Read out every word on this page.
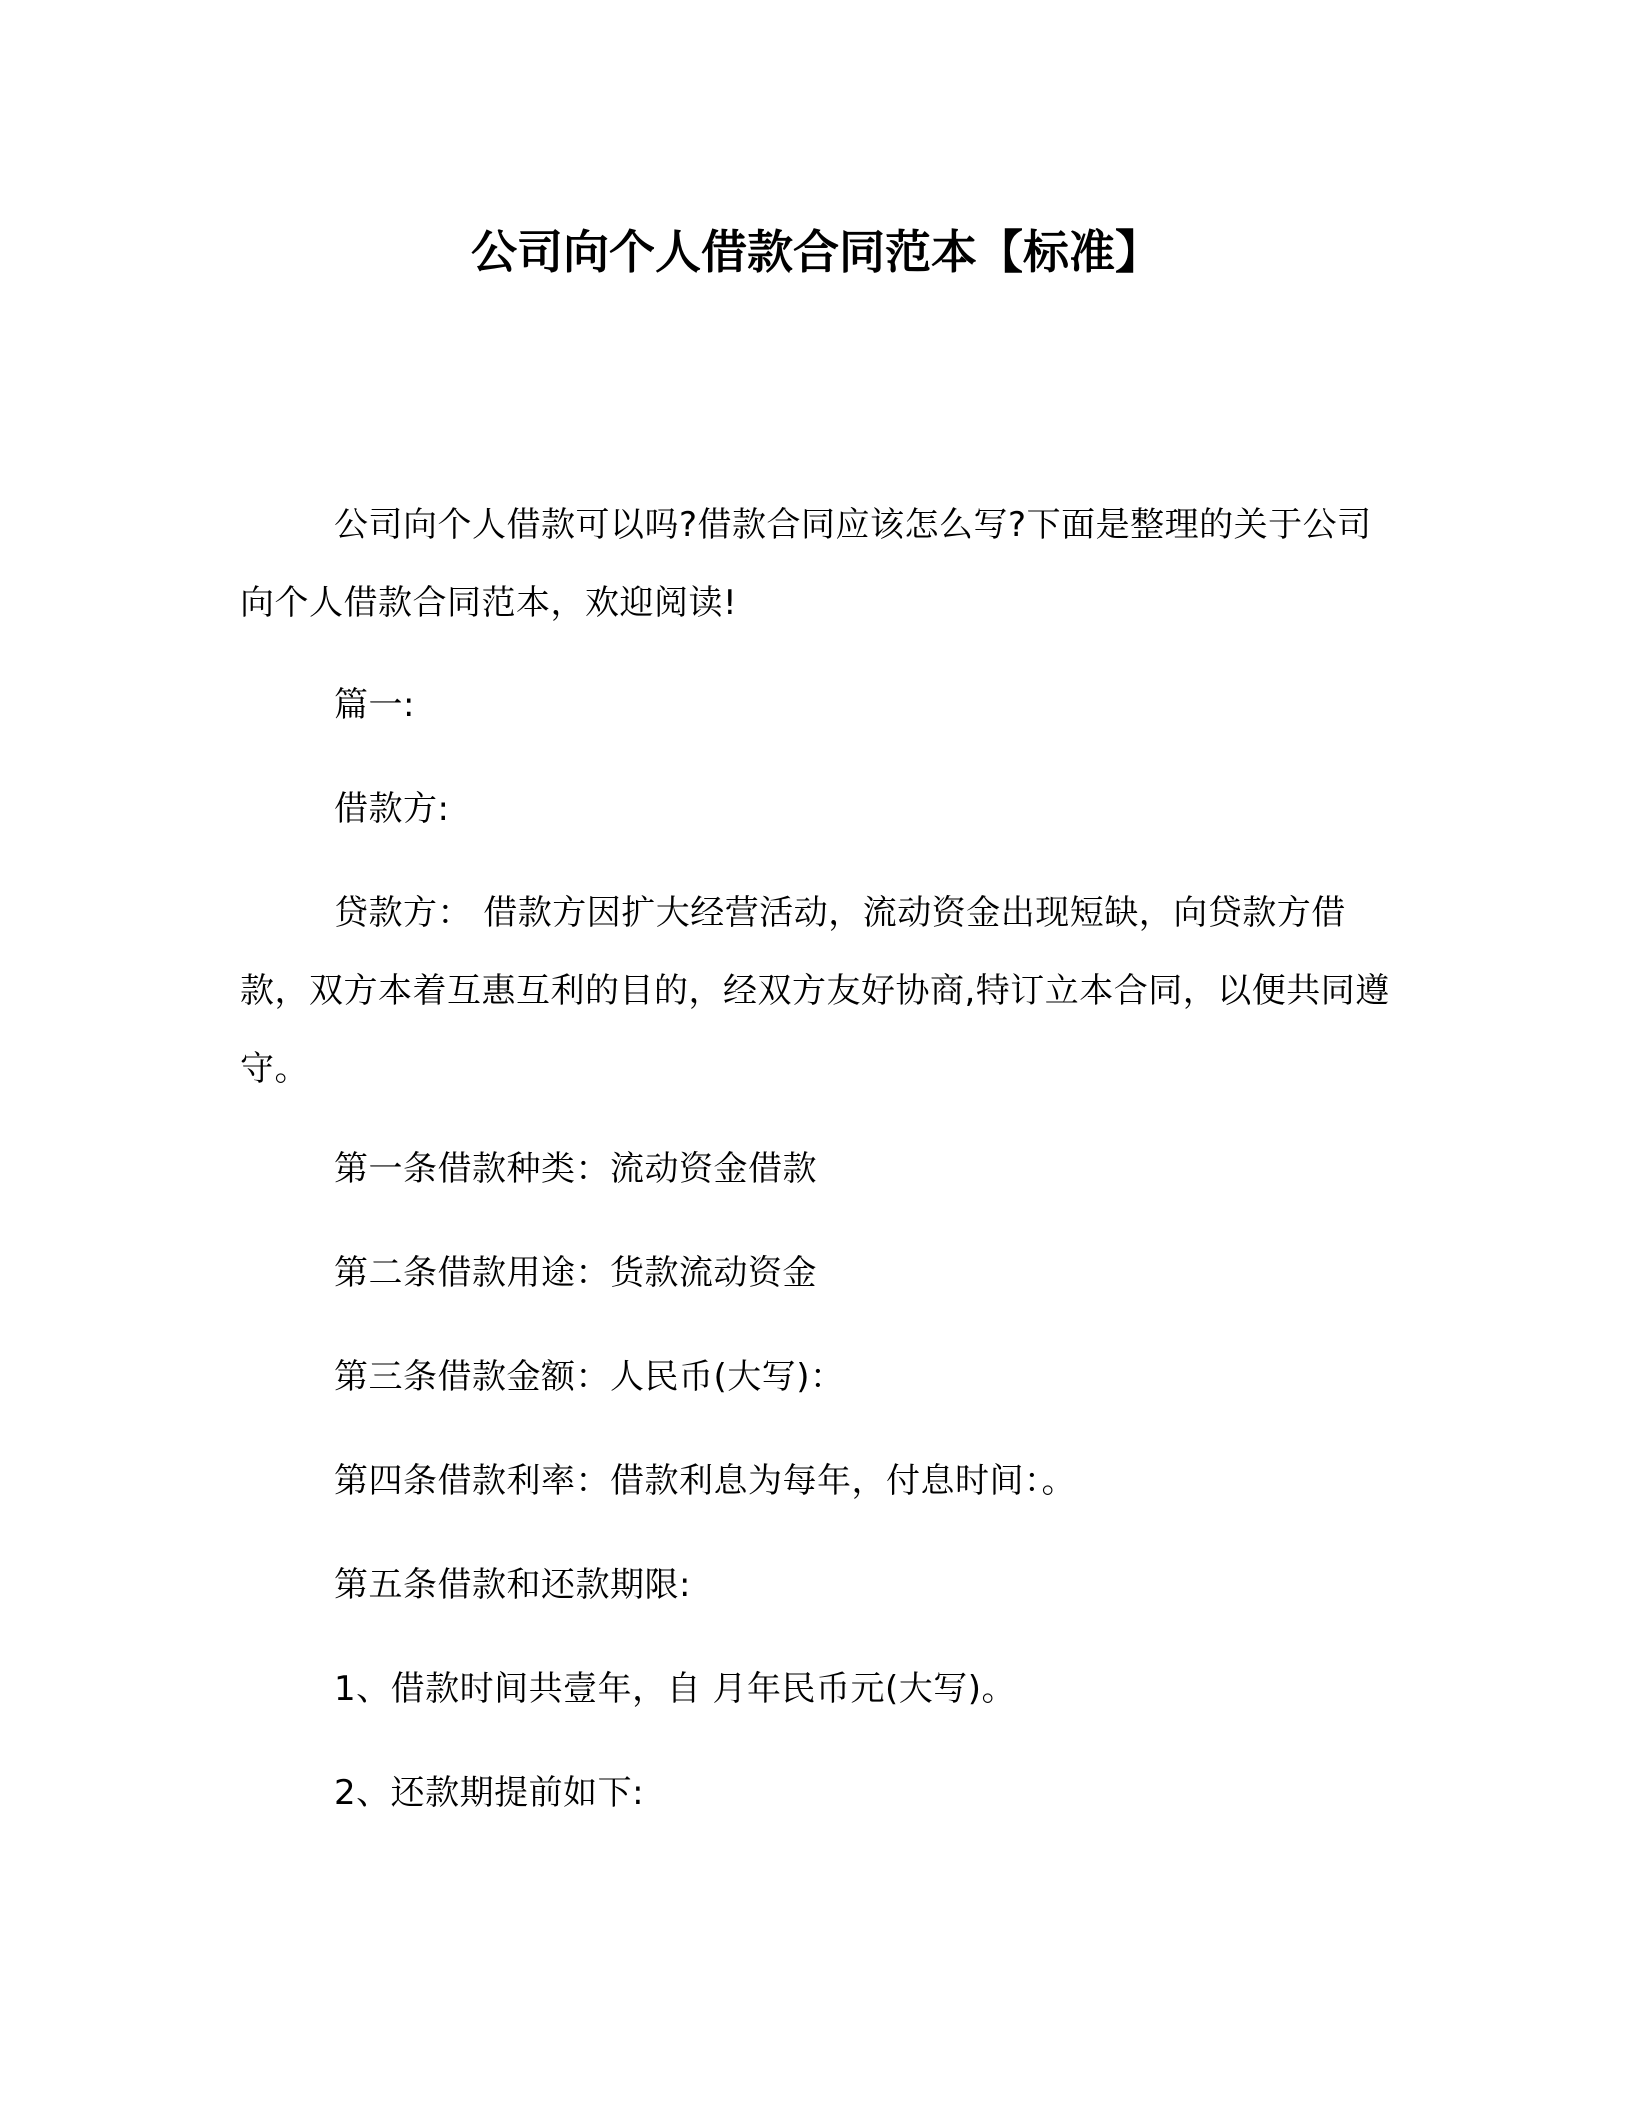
公司向个人借款合同范本【标准】

公司向个人借款可以吗?借款合同应该怎么写?下面是整理的关于公司向个人借款合同范本，欢迎阅读!

篇一:

借款方:

贷款方： 借款方因扩大经营活动，流动资金出现短缺，向贷款方借款，双方本着互惠互利的目的，经双方友好协商,特订立本合同，以便共同遵守。

第一条借款种类：流动资金借款

第二条借款用途：货款流动资金

第三条借款金额：人民币(大写)：

第四条借款利率：借款利息为每年，付息时间：。

第五条借款和还款期限:

1、借款时间共壹年，自 月年民币元(大写)。

2、还款期提前如下:
